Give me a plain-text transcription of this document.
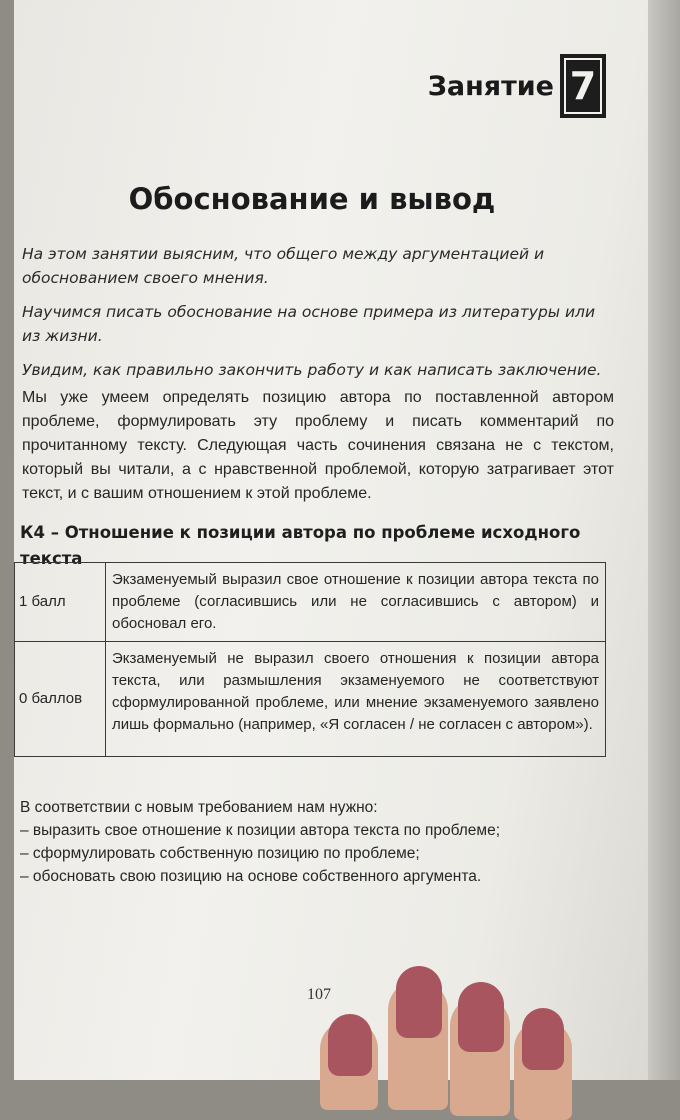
Занятие 7
Обоснование и вывод

На этом занятии выясним, что общего между аргументацией и обоснованием своего мнения.

Научимся писать обоснование на основе примера из литературы или из жизни.

Увидим, как правильно закончить работу и как написать заключение.

Мы уже умеем определять позицию автора по поставленной автором проблеме, формулировать эту проблему и писать комментарий по прочитанному тексту. Следующая часть сочинения связана не с текстом, который вы читали, а с нравственной проблемой, которую затрагивает этот текст, и с вашим отношением к этой проблеме.
К4 – Отношение к позиции автора по проблеме исходного текста
1 балл	Экзаменуемый выразил свое отношение к позиции автора текста по проблеме (согласившись или не согласившись с автором) и обосновал его.
0 баллов	Экзаменуемый не выразил своего отношения к позиции автора текста, или размышления экзаменуемого не соответствуют сформулированной проблеме, или мнение экзаменуемого заявлено лишь формально (например, «Я согласен / не согласен с автором»).
В соответствии с новым требованием нам нужно:
– выразить свое отношение к позиции автора текста по проблеме;
– сформулировать собственную позицию по проблеме;
– обосновать свою позицию на основе собственного аргумента.
107
